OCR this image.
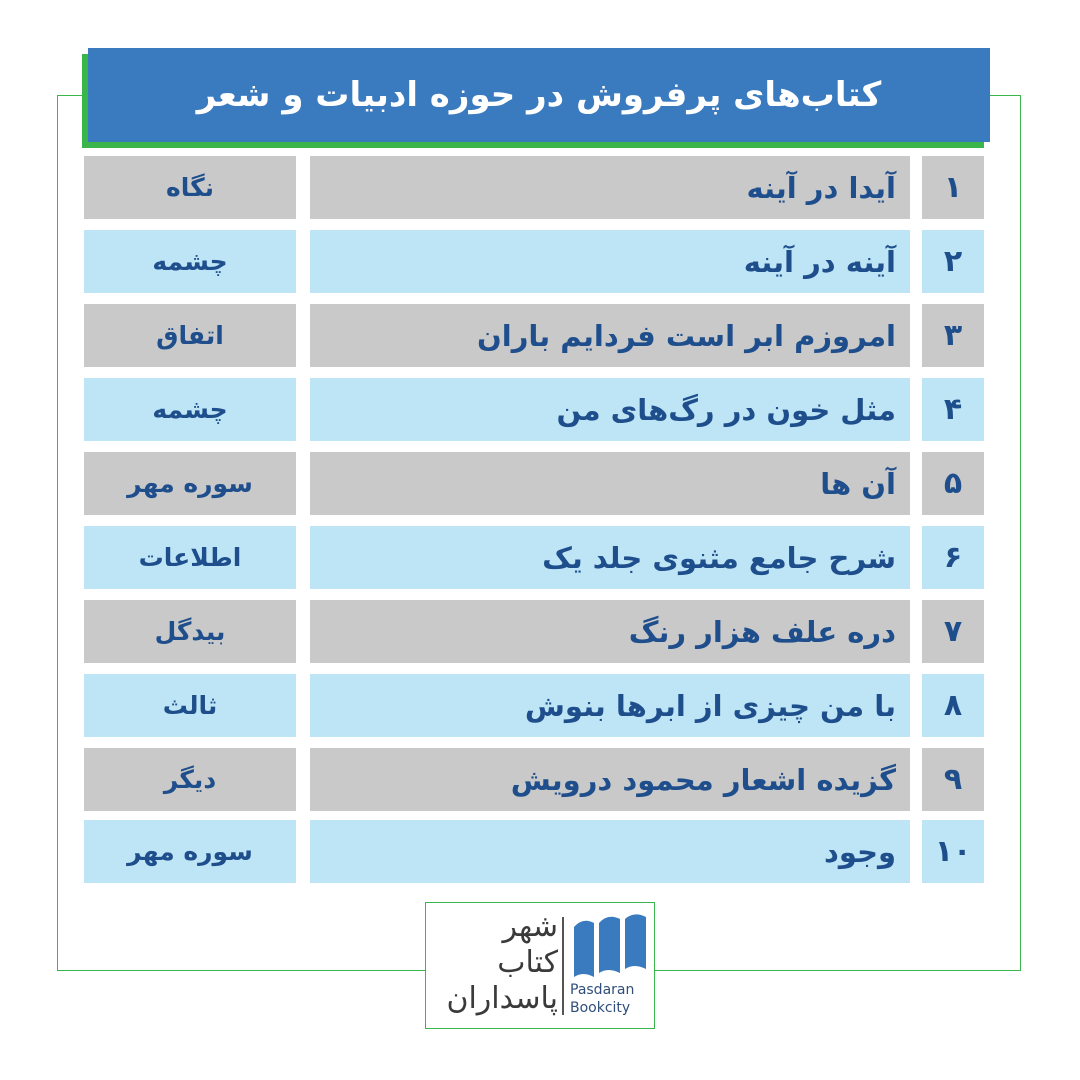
کتاب‌های پرفروش در حوزه ادبیات و شعر
۱
آیدا در آینه
نگاه
۲
آینه در آینه
چشمه
۳
امروزم ابر است فردایم باران
اتفاق
۴
مثل خون در رگ‌های من
چشمه
۵
آن ها
سوره مهر
۶
شرح جامع مثنوی جلد یک
اطلاعات
۷
دره علف هزار رنگ
بیدگل
۸
با من چیزی از ابرها بنوش
ثالث
۹
گزیده اشعار محمود درویش
دیگر
۱۰
وجود
سوره مهر
شهر
کتاب
پاسداران Pasdaran
Bookcity
